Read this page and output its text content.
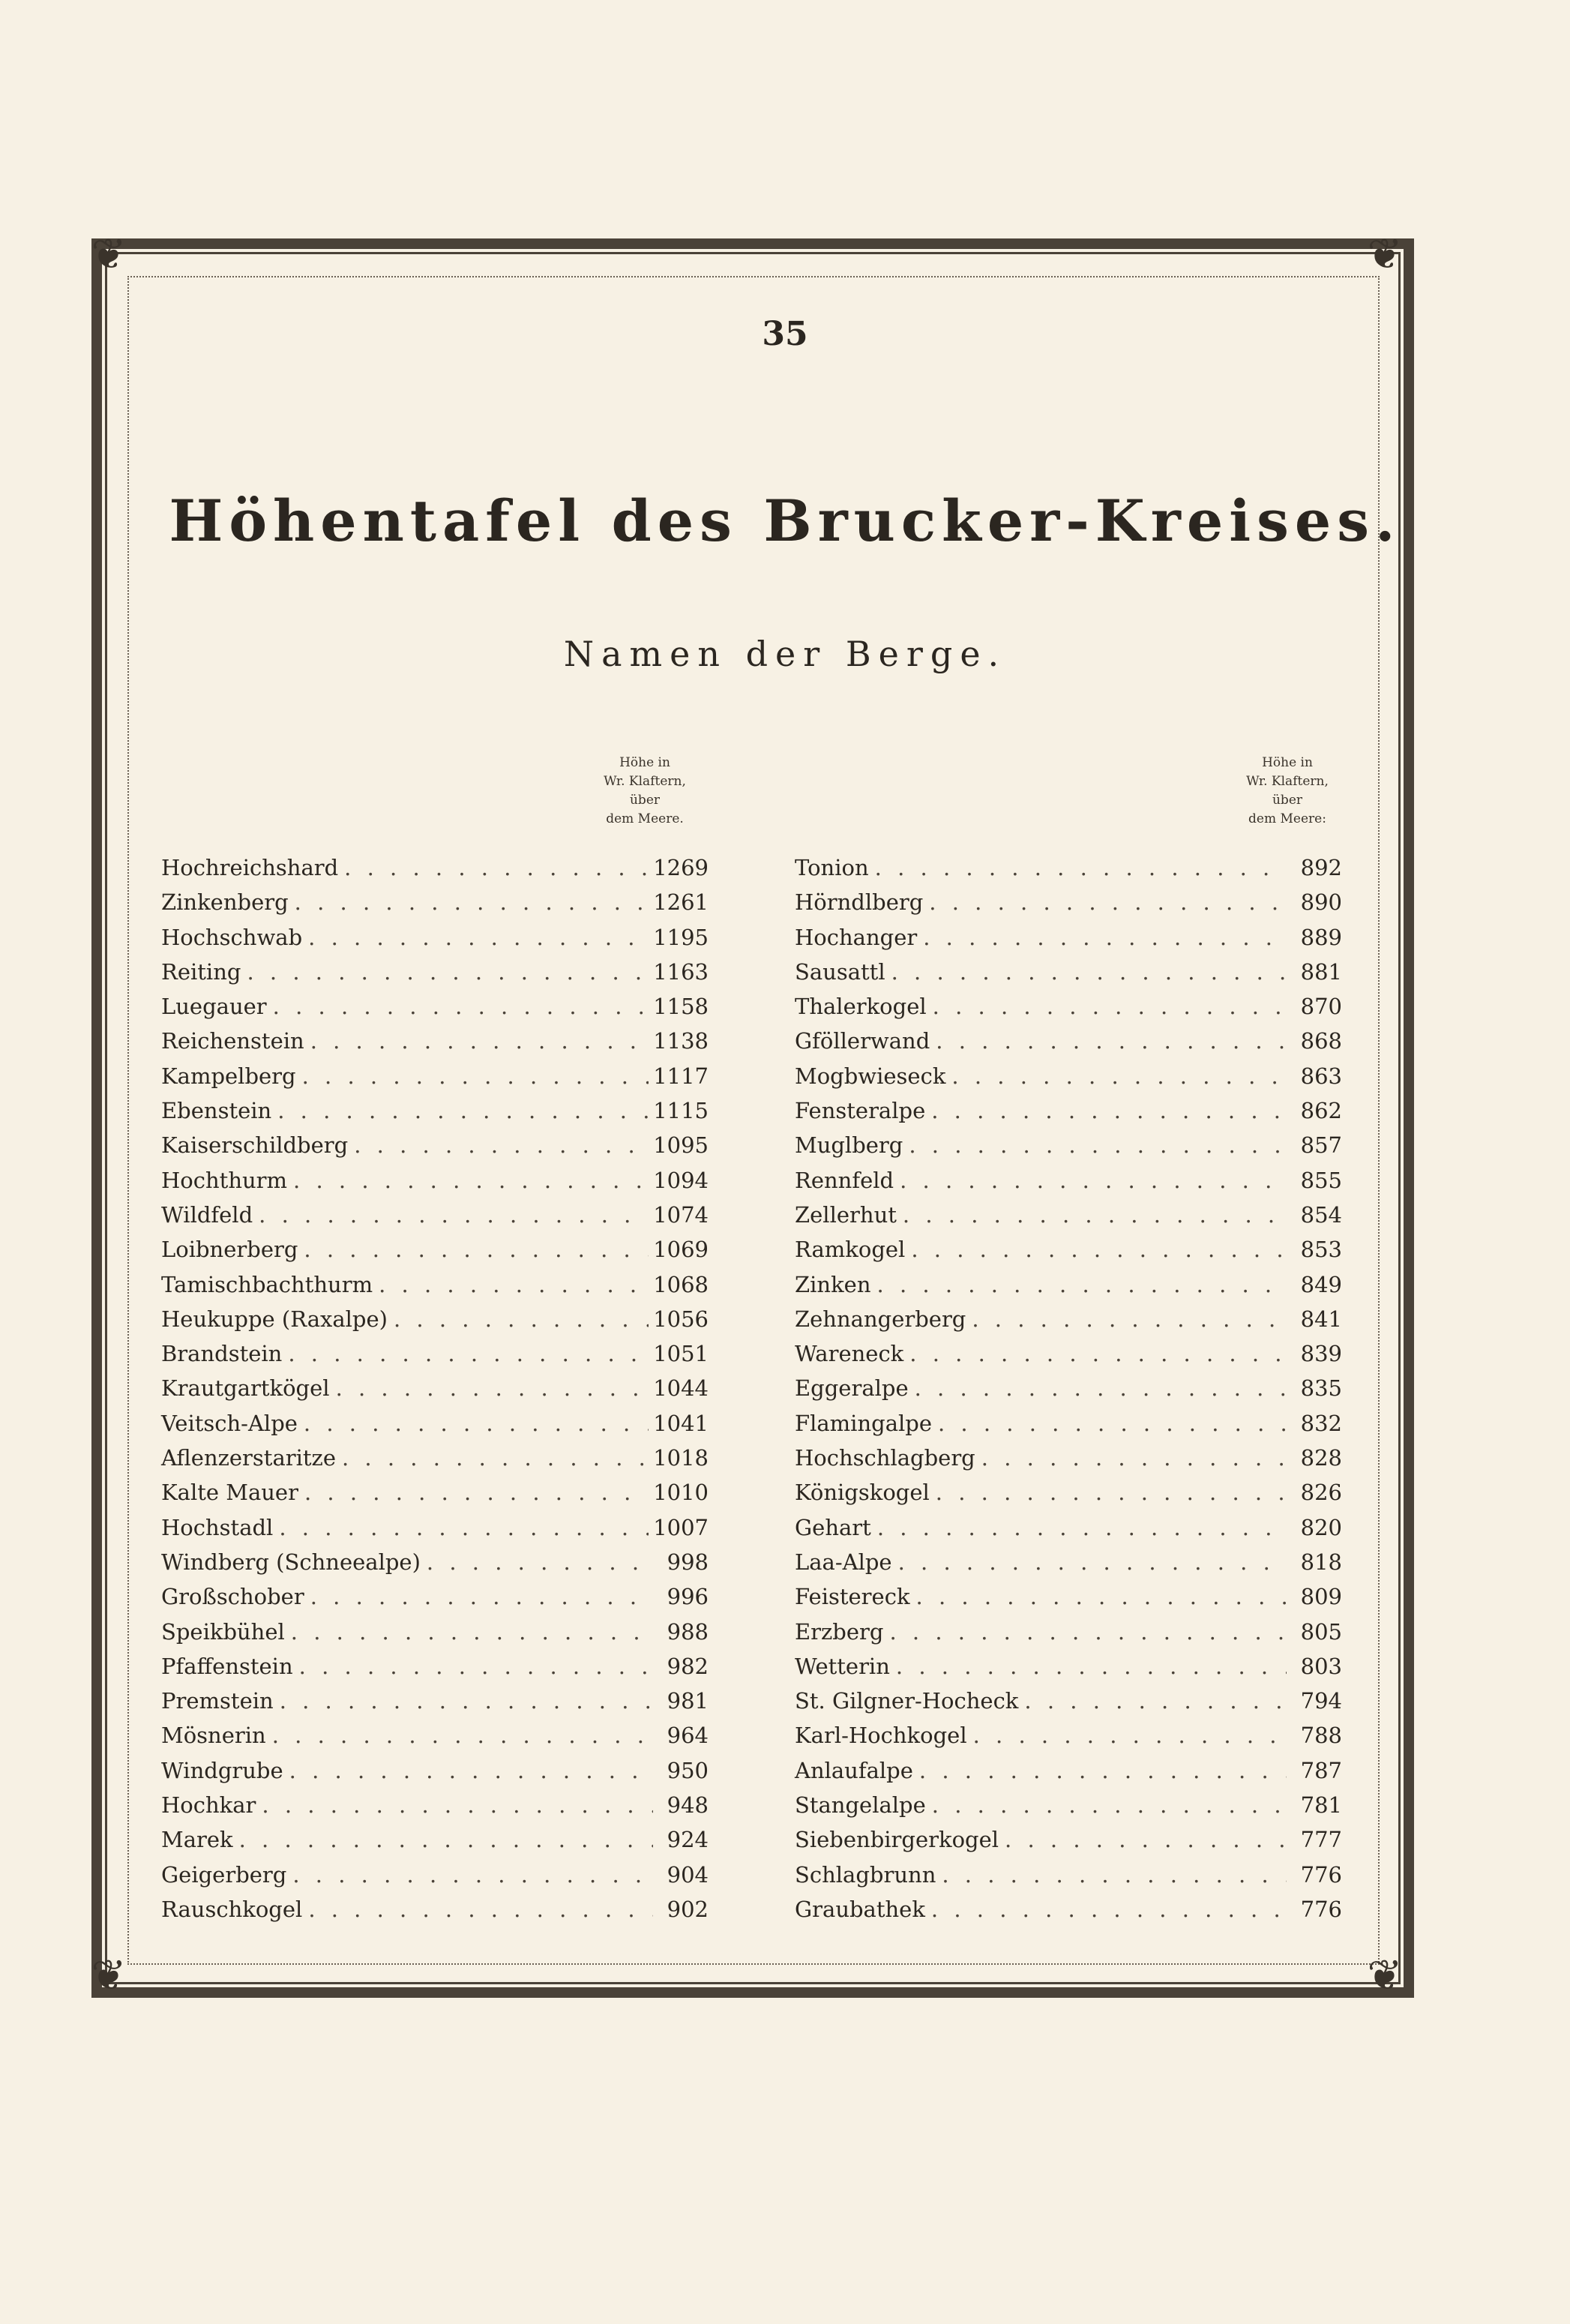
❦	❦
❦	❦
35
Höhentafel des Brucker-Kreises.
Namen der Berge.
Höhe in
Wr. Klaftern,
über
dem Meere.
Höhe in
Wr. Klaftern,
über
dem Meere:
Hochreichshard . . .	1269
Zinkenberg . . .	1261
Hochschwab . . .	1195
Reiting . . .	1163
Luegauer . . .	1158
Reichenstein . . .	1138
Kampelberg . . .	1117
Ebenstein . . .	1115
Kaiserschildberg . . .	1095
Hochthurm . . .	1094
Wildfeld . . .	1074
Loibnerberg . . .	1069
Tamischbachthurm . . .	1068
Heukuppe (Raxalpe) . . .	1056
Brandstein . . .	1051
Krautgartkögel . . .	1044
Veitsch-Alpe . . .	1041
Aflenzerstaritze . . .	1018
Kalte Mauer . . .	1010
Hochstadl . . .	1007
Windberg (Schneealpe) . . .	998
Großschober . . .	996
Speikbühel . . .	988
Pfaffenstein . . .	982
Premstein . . .	981
Mösnerin . . .	964
Windgrube . . .	950
Hochkar . . .	948
Marek . . .	924
Geigerberg . . .	904
Rauschkogel . . .	902
Tonion . . .	892
Hörndlberg . . .	890
Hochanger . . .	889
Sausattl . . .	881
Thalerkogel . . .	870
Gföllerwand . . .	868
Mogbwieseck . . .	863
Fensteralpe . . .	862
Muglberg . . .	857
Rennfeld . . .	855
Zellerhut . . .	854
Ramkogel . . .	853
Zinken . . .	849
Zehnangerberg . . .	841
Wareneck . . .	839
Eggeralpe . . .	835
Flamingalpe . . .	832
Hochschlagberg . . .	828
Königskogel . . .	826
Gehart . . .	820
Laa-Alpe . . .	818
Feistereck . . .	809
Erzberg . . .	805
Wetterin . . .	803
St. Gilgner-Hocheck . . .	794
Karl-Hochkogel . . .	788
Anlaufalpe . . .	787
Stangelalpe . . .	781
Siebenbirgerkogel . . .	777
Schlagbrunn . . .	776
Graubathek . . .	776
